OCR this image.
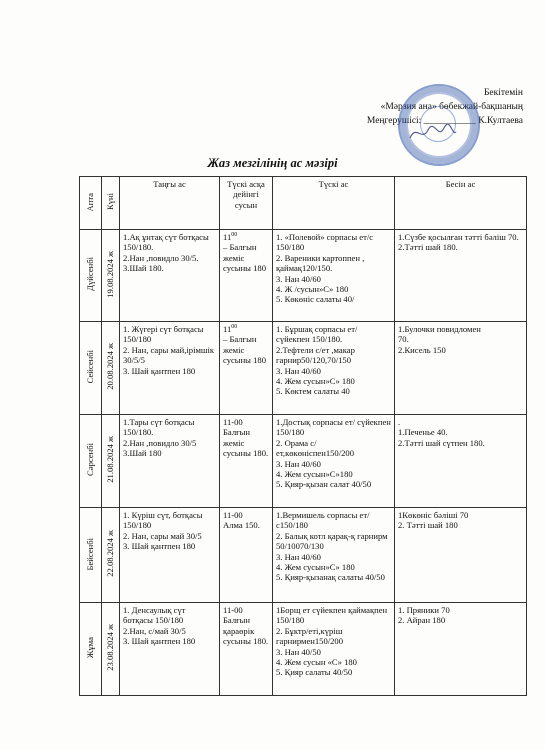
Бекітемін
«Мәрзия ана» бөбекжай-бақшаның
Меңгерушісі: ___________ К.Култаева
Жаз мезгілінің ас мәзірі
Апта	Күні	Таңғы ас	Түскі асқа дейінгі сусын	Түскі ас	Бесін ас
Дүйсенбі	19.08.2024 ж	1.Ақ ұнтақ сүт ботқасы 150/180.
2.Нан ,повидло 30/5.
3.Шай 180.	$11^{00}$
– Балғын жеміс сусыны 180	1. «Полевой» сорпасы ет/с 150/180
2. Вареники картоппен , қаймақ120/150.
3. Нан 40/60
4. Ж /сусын»С» 180
5. Көкөніс салаты 40/	1.Сүзбе қосылған тәтті бәліш 70.
2.Тәтті шай 180.

Сейсенбі	20.08.2024 ж	1. Жүгері сүт ботқасы 150/180
2. Нан, сары май,ірімшік 30/5/5
3. Шай қантпен 180	$11^{00}$
– Балғын жеміс сусыны 180	1. Бұршақ сорпасы ет/сүйекпен 150/180.
2.Тефтели с/ет ,макар гарнир50/120,70/150
3. Нан 40/60
4. Жем сусын»С» 180
5. Көктем салаты 40	1.Булочки повидломен
70.
2.Кисель 150

Сәрсенбі	21.08.2024 ж	1.Тары сүт ботқасы 150/180.
2.Нан ,повидло 30/5
3.Шай 180	11-00
Балғын жеміс сусыны 180.	1.Достық сорпасы ет/ сүйекпен 150/180
2. Орама с/ет,көкөніспен150/200
3. Нан 40/60
4. Жем сусын»С»180
5. Қияр-қызан салат 40/50	.
1.Печенье 40.
2.Тәтті шай сүтпен 180.

Бейсенбі	22.08.2024 ж	1. Күріш сүт, ботқасы 150/180
2. Нан, сары май 30/5
3. Шай қантпен 180	11-00
Алма 150.	1.Вермишель сорпасы ет/с150/180
2. Балық котл қарақ-қ гарнирм 50/10070/130
3. Нан 40/60
4. Жем сусын»С» 180
5. Қияр-қызанақ салаты 40/50	1Көкөніс бәліші 70
2. Тәтті шай 180

Жұма	23.08.2024 ж	1. Денсаулық сүт ботқасы 150/180
2.Нан, с/май 30/5
3. Шай қантпен 180	11-00
Балғын қараөрік сусыны 180.	1Борщ ет сүйекпен қаймақпен 150/180
2. Бұктр/еті,күріш гарнирмен150/200
3. Нан 40/50
4. Жем сусын «С» 180
5. Қияр салаты 40/50	1. Пряники 70
2. Айран 180
